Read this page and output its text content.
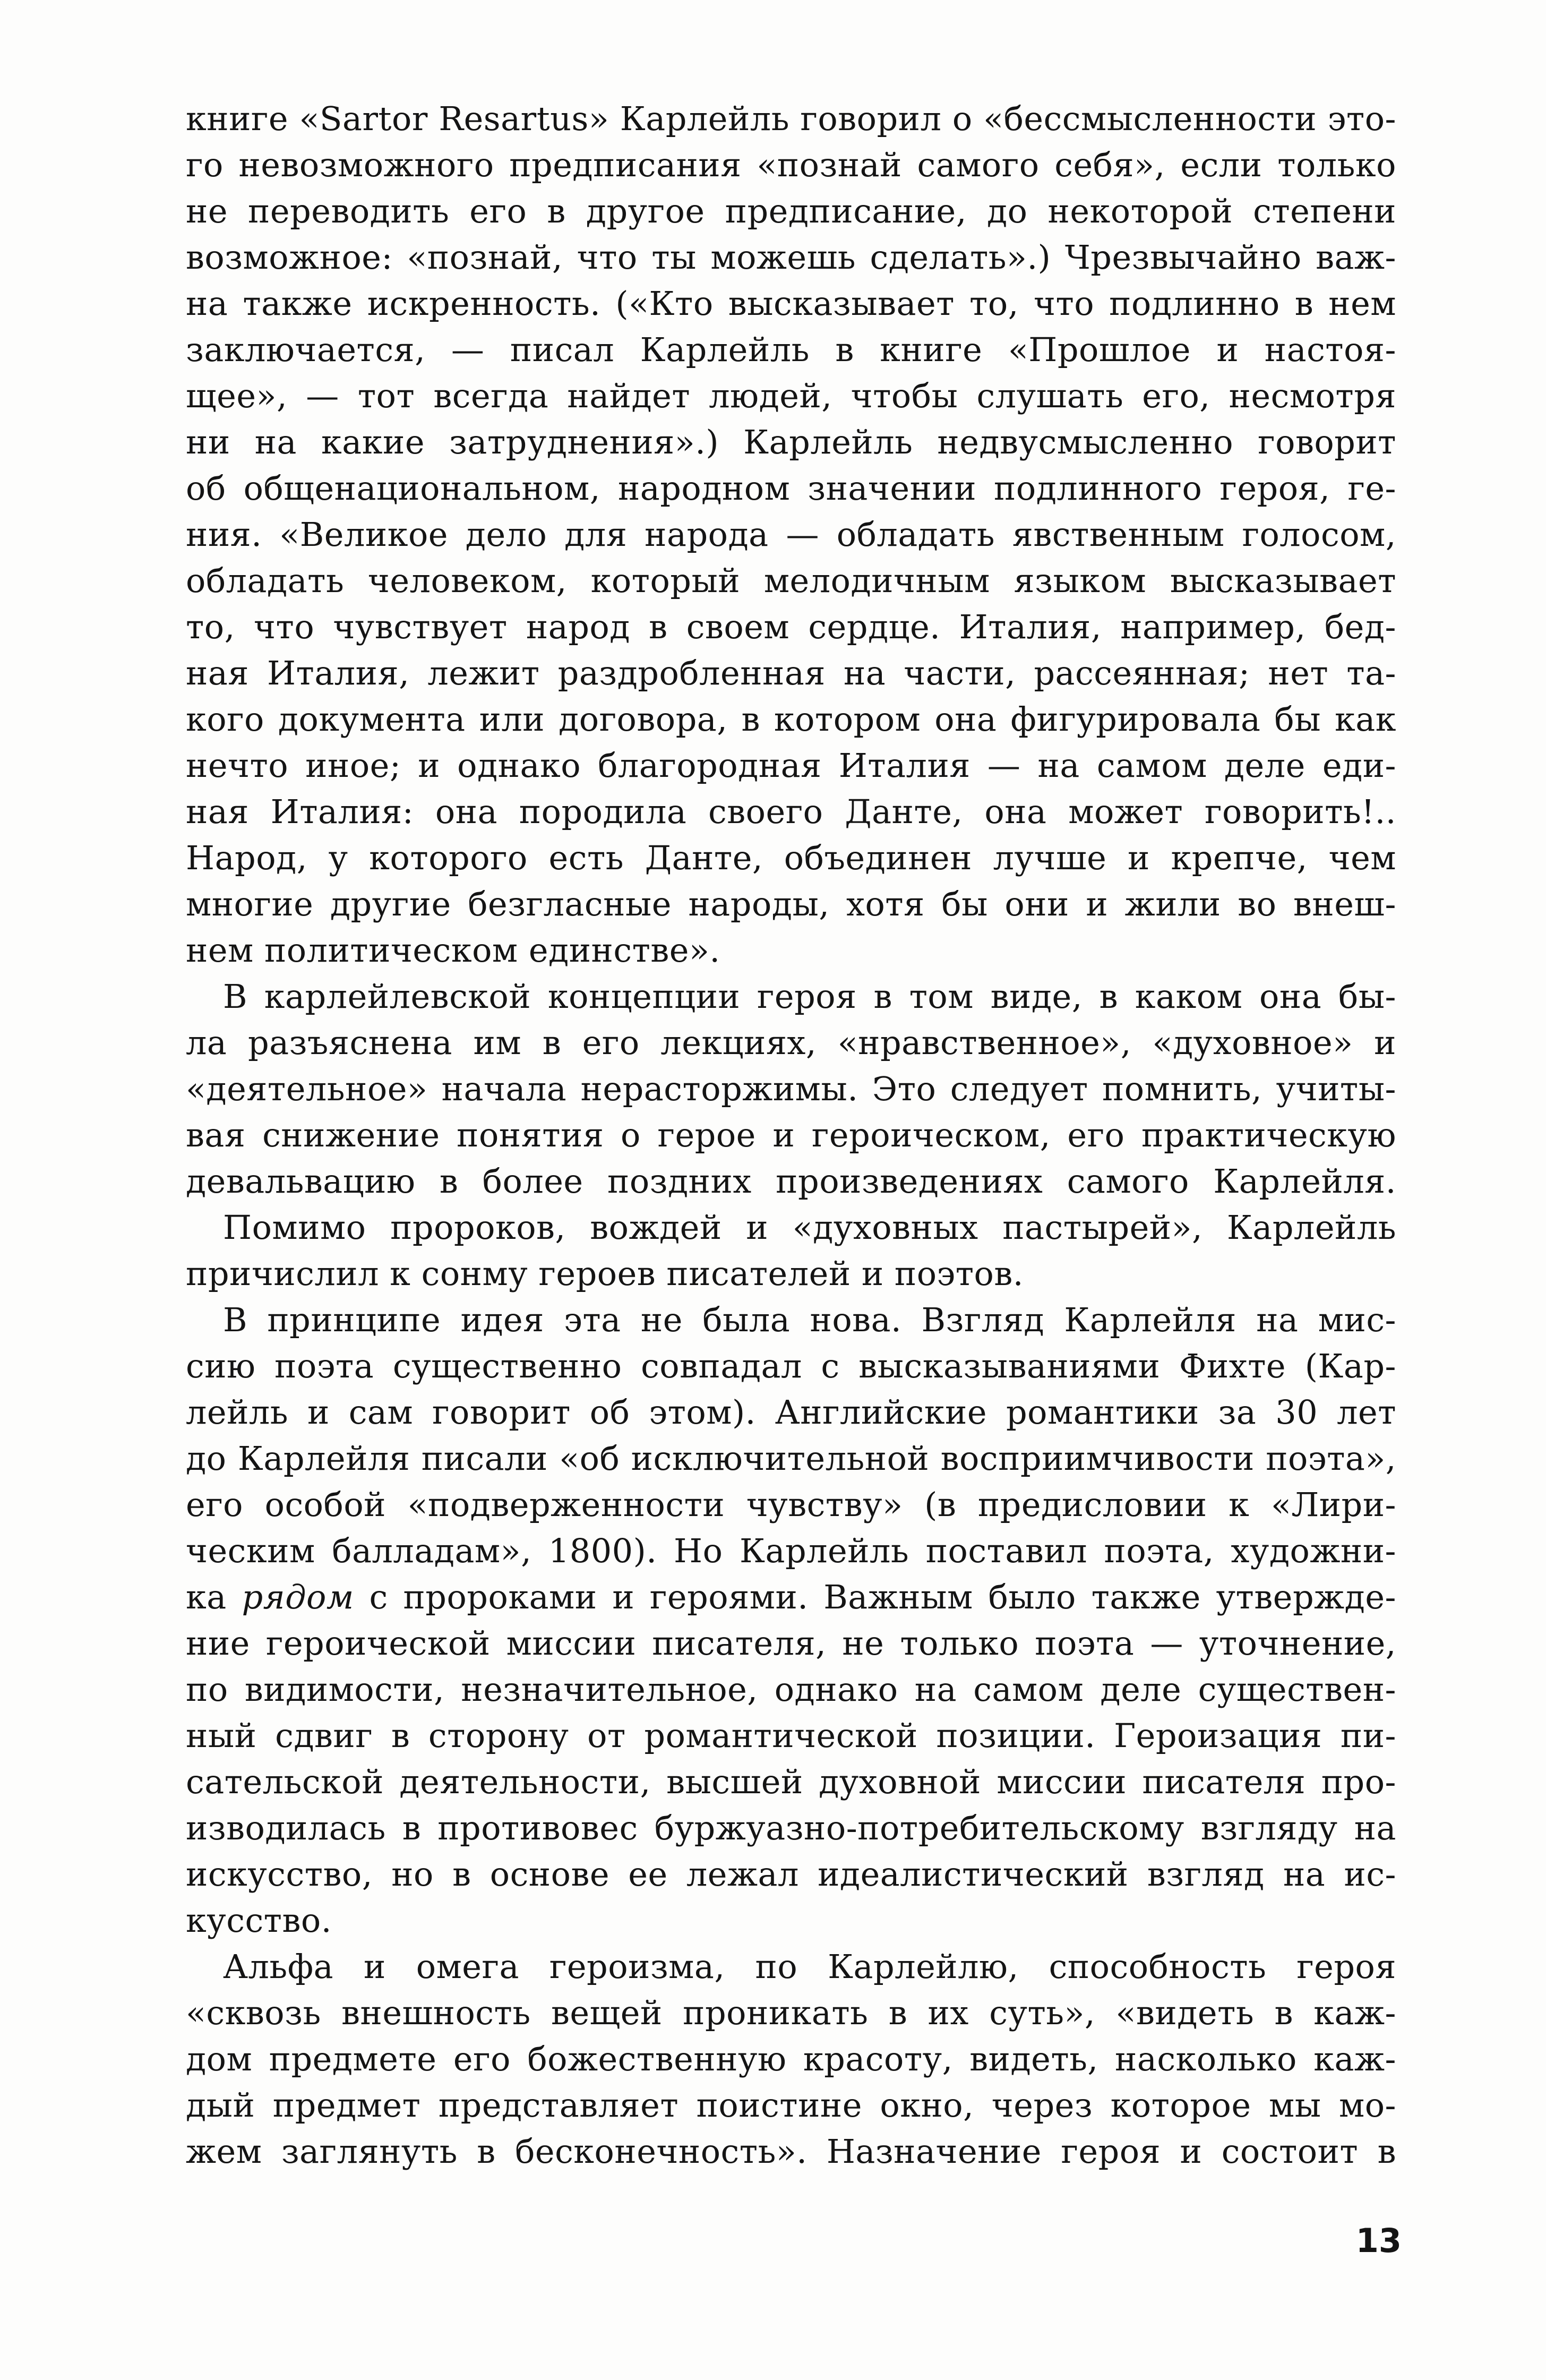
книге «Sartor Resartus» Карлейль говорил о «бессмысленности это-
го невозможного предписания «познай самого себя», если только
не переводить его в другое предписание, до некоторой степени
возможное: «познай, что ты можешь сделать».) Чрезвычайно важ-
на также искренность. («Кто высказывает то, что подлинно в нем
заключается, — писал Карлейль в книге «Прошлое и настоя-
щее», — тот всегда найдет людей, чтобы слушать его, несмотря
ни на какие затруднения».) Карлейль недвусмысленно говорит
об общенациональном, народном значении подлинного героя, ге-
ния. «Великое дело для народа — обладать явственным голосом,
обладать человеком, который мелодичным языком высказывает
то, что чувствует народ в своем сердце. Италия, например, бед-
ная Италия, лежит раздробленная на части, рассеянная; нет та-
кого документа или договора, в котором она фигурировала бы как
нечто иное; и однако благородная Италия — на самом деле еди-
ная Италия: она породила своего Данте, она может говорить!..
Народ, у которого есть Данте, объединен лучше и крепче, чем
многие другие безгласные народы, хотя бы они и жили во внеш-
нем политическом единстве».
В карлейлевской концепции героя в том виде, в каком она бы-
ла разъяснена им в его лекциях, «нравственное», «духовное» и
«деятельное» начала нерасторжимы. Это следует помнить, учиты-
вая снижение понятия о герое и героическом, его практическую
девальвацию в более поздних произведениях самого Карлейля.
Помимо пророков, вождей и «духовных пастырей», Карлейль
причислил к сонму героев писателей и поэтов.
В принципе идея эта не была нова. Взгляд Карлейля на мис-
сию поэта существенно совпадал с высказываниями Фихте (Кар-
лейль и сам говорит об этом). Английские романтики за 30 лет
до Карлейля писали «об исключительной восприимчивости поэта»,
его особой «подверженности чувству» (в предисловии к «Лири-
ческим балладам», 1800). Но Карлейль поставил поэта, художни-
ка рядом с пророками и героями. Важным было также утвержде-
ние героической миссии писателя, не только поэта — уточнение,
по видимости, незначительное, однако на самом деле существен-
ный сдвиг в сторону от романтической позиции. Героизация пи-
сательской деятельности, высшей духовной миссии писателя про-
изводилась в противовес буржуазно-потребительскому взгляду на
искусство, но в основе ее лежал идеалистический взгляд на ис-
кусство.
Альфа и омега героизма, по Карлейлю, способность героя
«сквозь внешность вещей проникать в их суть», «видеть в каж-
дом предмете его божественную красоту, видеть, насколько каж-
дый предмет представляет поистине окно, через которое мы мо-
жем заглянуть в бесконечность». Назначение героя и состоит в
13
